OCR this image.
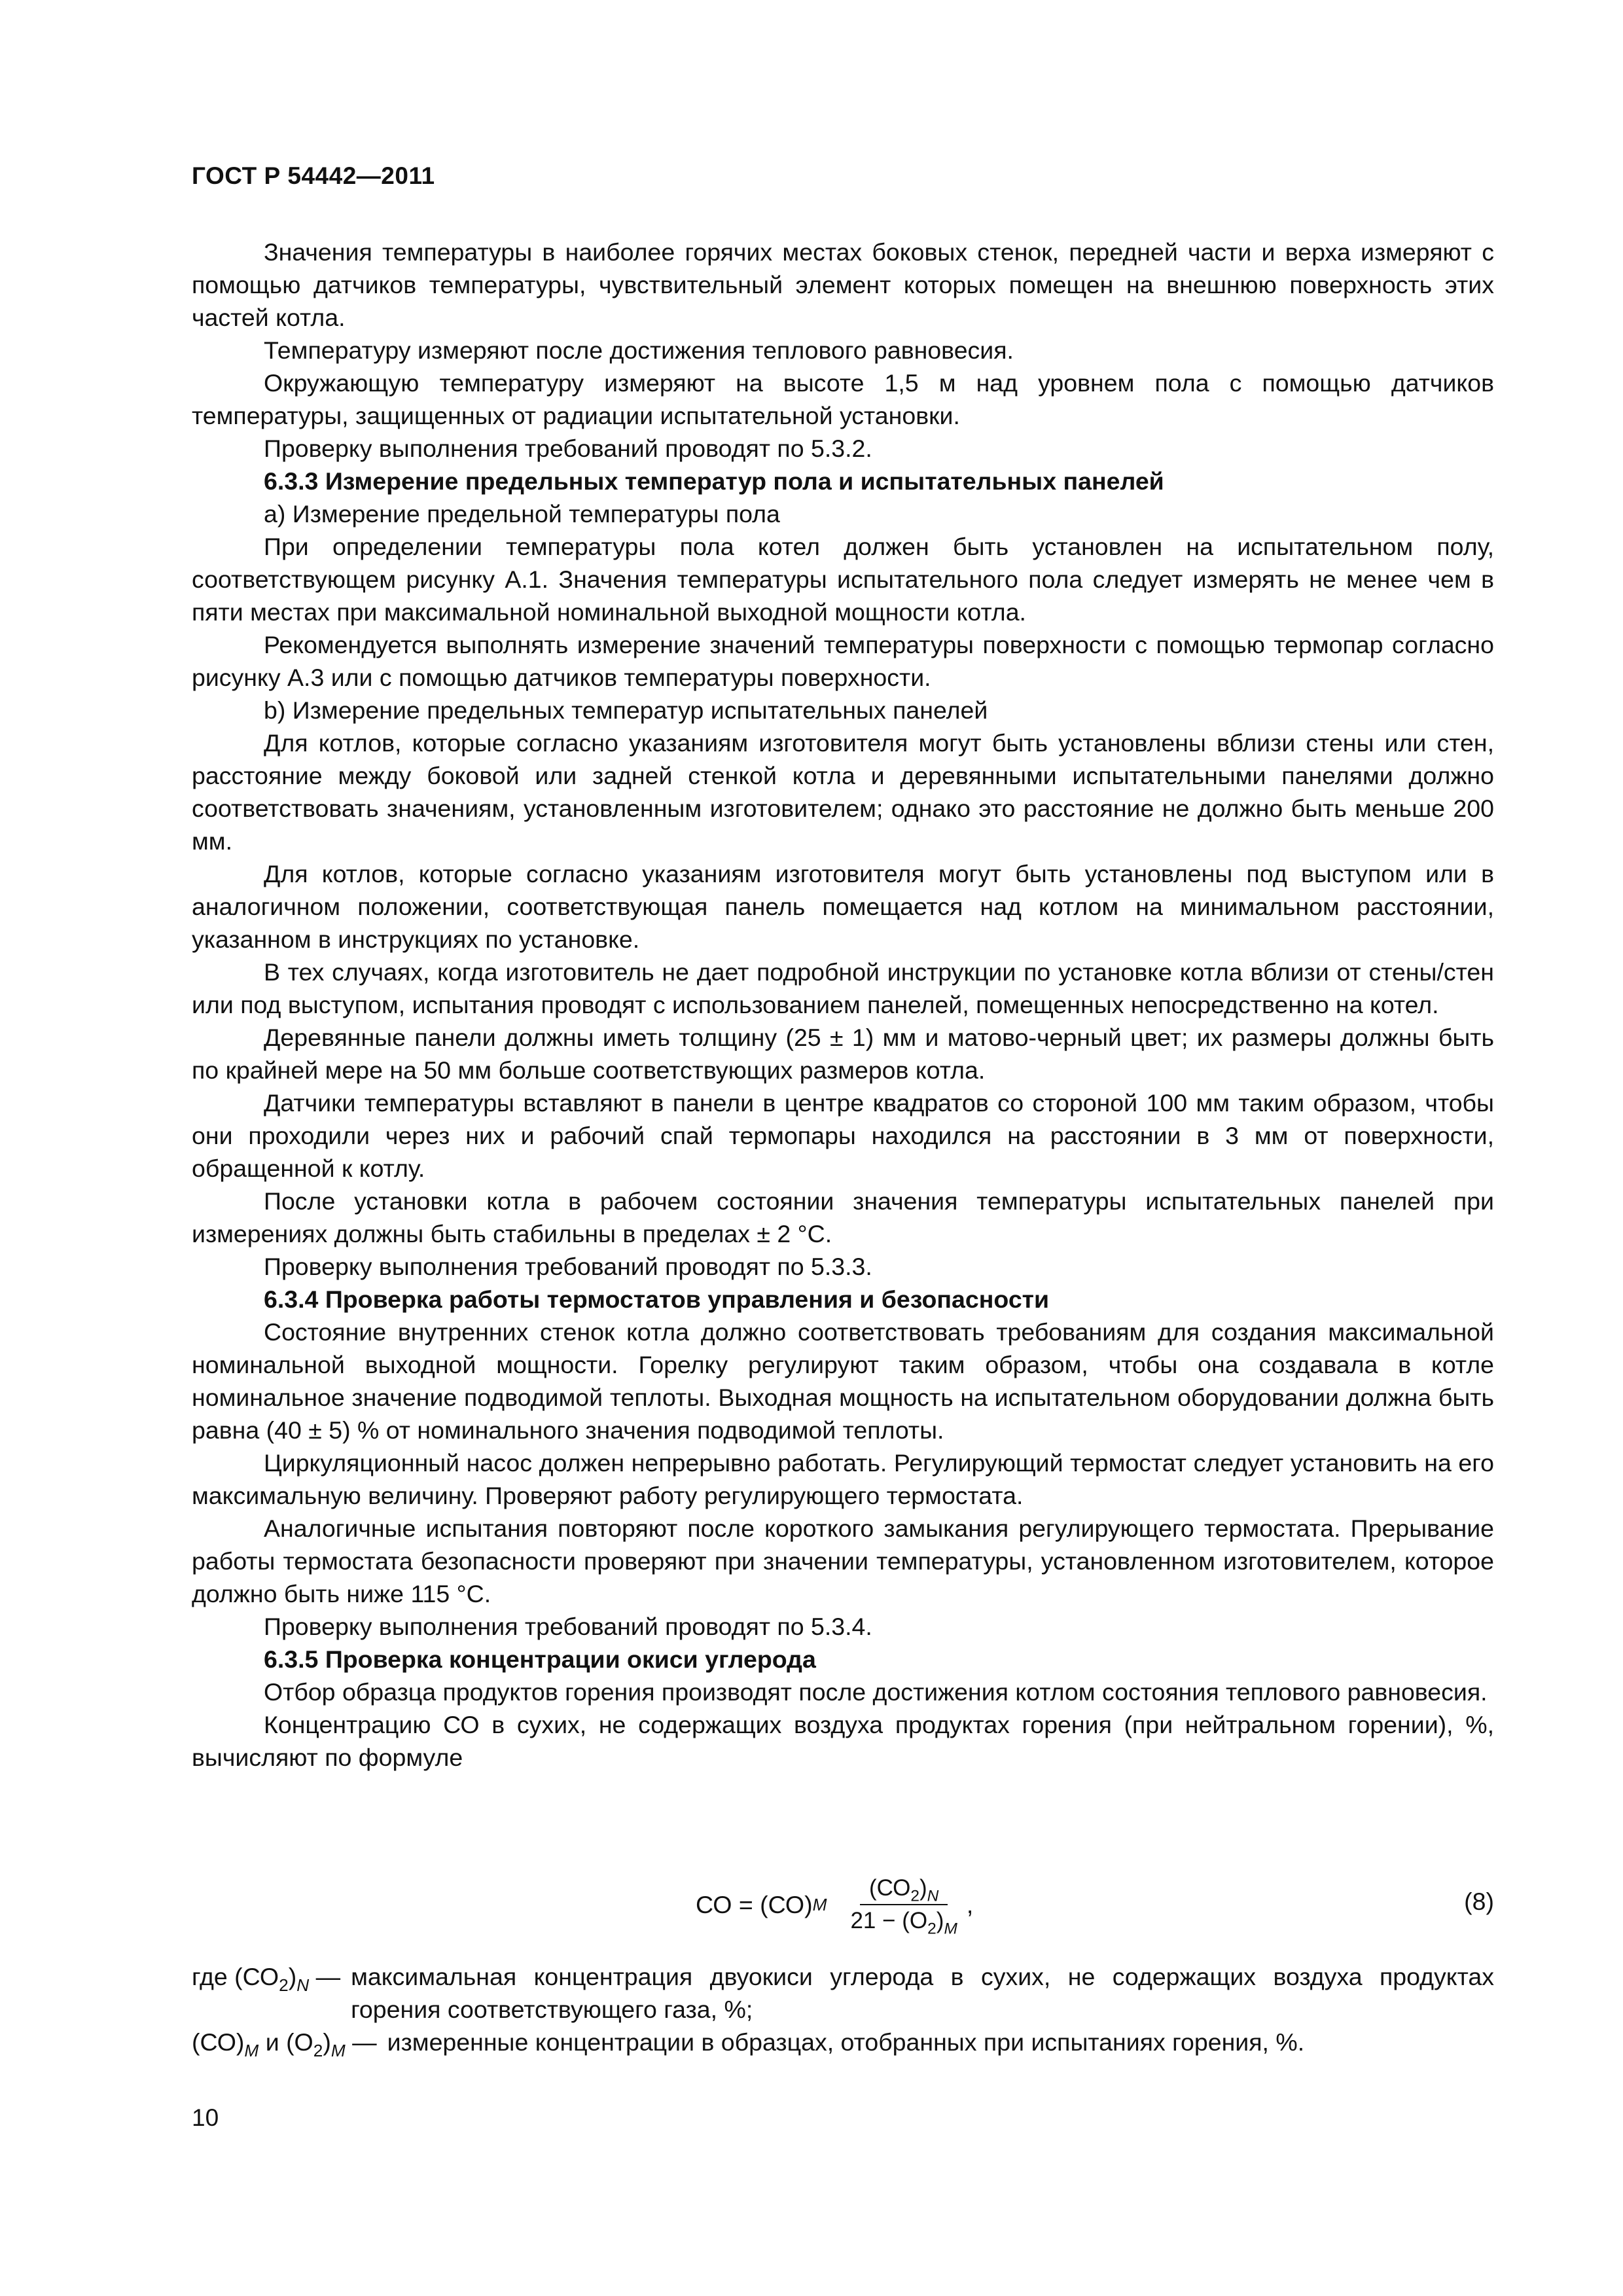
ГОСТ Р 54442—2011

Значения температуры в наиболее горячих местах боковых стенок, передней части и верха измеряют с помощью датчиков температуры, чувствительный элемент которых помещен на внешнюю поверхность этих частей котла.

Температуру измеряют после достижения теплового равновесия.

Окружающую температуру измеряют на высоте 1,5 м над уровнем пола с помощью датчиков температуры, защищенных от радиации испытательной установки.

Проверку выполнения требований проводят по 5.3.2.

6.3.3 Измерение предельных температур пола и испытательных панелей

a) Измерение предельной температуры пола

При определении температуры пола котел должен быть установлен на испытательном полу, соответствующем рисунку А.1. Значения температуры испытательного пола следует измерять не менее чем в пяти местах при максимальной номинальной выходной мощности котла.

Рекомендуется выполнять измерение значений температуры поверхности с помощью термопар согласно рисунку А.3 или с помощью датчиков температуры поверхности.

b) Измерение предельных температур испытательных панелей

Для котлов, которые согласно указаниям изготовителя могут быть установлены вблизи стены или стен, расстояние между боковой или задней стенкой котла и деревянными испытательными панелями должно соответствовать значениям, установленным изготовителем; однако это расстояние не должно быть меньше 200 мм.

Для котлов, которые согласно указаниям изготовителя могут быть установлены под выступом или в аналогичном положении, соответствующая панель помещается над котлом на минимальном расстоянии, указанном в инструкциях по установке.

В тех случаях, когда изготовитель не дает подробной инструкции по установке котла вблизи от стены/стен или под выступом, испытания проводят с использованием панелей, помещенных непосредственно на котел.

Деревянные панели должны иметь толщину (25 ± 1) мм и матово-черный цвет; их размеры должны быть по крайней мере на 50 мм больше соответствующих размеров котла.

Датчики температуры вставляют в панели в центре квадратов со стороной 100 мм таким образом, чтобы они проходили через них и рабочий спай термопары находился на расстоянии в 3 мм от поверхности, обращенной к котлу.

После установки котла в рабочем состоянии значения температуры испытательных панелей при измерениях должны быть стабильны в пределах ± 2 °С.

Проверку выполнения требований проводят по 5.3.3.

6.3.4 Проверка работы термостатов управления и безопасности

Состояние внутренних стенок котла должно соответствовать требованиям для создания максимальной номинальной выходной мощности. Горелку регулируют таким образом, чтобы она создавала в котле номинальное значение подводимой теплоты. Выходная мощность на испытательном оборудовании должна быть равна (40 ± 5) % от номинального значения подводимой теплоты.

Циркуляционный насос должен непрерывно работать. Регулирующий термостат следует установить на его максимальную величину. Проверяют работу регулирующего термостата.

Аналогичные испытания повторяют после короткого замыкания регулирующего термостата. Прерывание работы термостата безопасности проверяют при значении температуры, установленном изготовителем, которое должно быть ниже 115 °С.

Проверку выполнения требований проводят по 5.3.4.

6.3.5 Проверка концентрации окиси углерода

Отбор образца продуктов горения производят после достижения котлом состояния теплового равновесия.

Концентрацию СО в сухих, не содержащих воздуха продуктах горения (при нейтральном горении), %, вычисляют по формуле

СО = (СО) M $\frac{(СО_2)_N}{21 - (О_2)_M}$ ,	(8)
где $(СО_2)_N$ — максимальная концентрация двуокиси углерода в сухих, не содержащих воздуха продуктах горения соответствующего газа, %;
$(СО)_M$ и $(О_2)_M$ — измеренные концентрации в образцах, отобранных при испытаниях горения, %.
10
